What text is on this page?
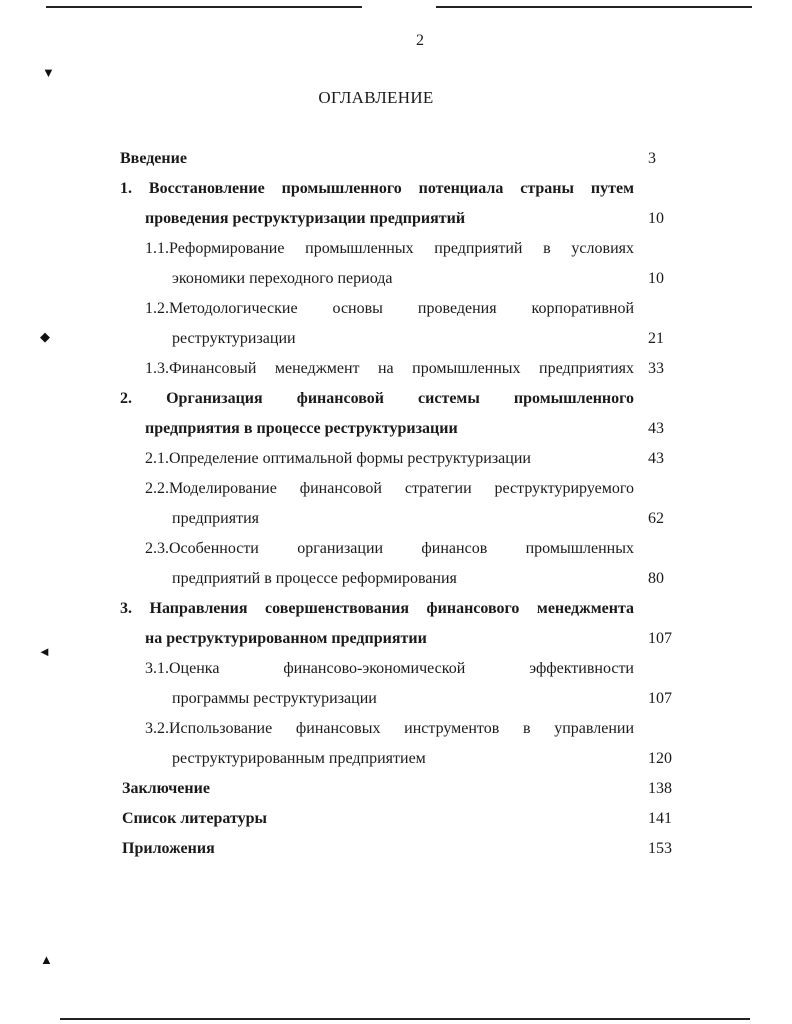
▼
◆
◄
▲
2
ОГЛАВЛЕНИЕ
Введение	3
1. Восстановление промышленного потенциала страны путем
проведения реструктуризации предприятий	10
1.1.Реформирование промышленных предприятий в условиях
экономики переходного периода	10
1.2.Методологические основы проведения корпоративной
реструктуризации	21
1.3.Финансовый менеджмент на промышленных предприятиях 33
2. Организация финансовой системы промышленного
предприятия в процессе реструктуризации	43
2.1.Определение оптимальной формы реструктуризации	43
2.2.Моделирование финансовой стратегии реструктурируемого
предприятия	62
2.3.Особенности организации финансов промышленных
предприятий в процессе реформирования	80
3. Направления совершенствования финансового менеджмента
на реструктурированном предприятии	107
3.1.Оценка финансово-экономической эффективности
программы реструктуризации	107
3.2.Использование финансовых инструментов в управлении
реструктурированным предприятием	120
Заключение	138
Список литературы	141
Приложения	153
